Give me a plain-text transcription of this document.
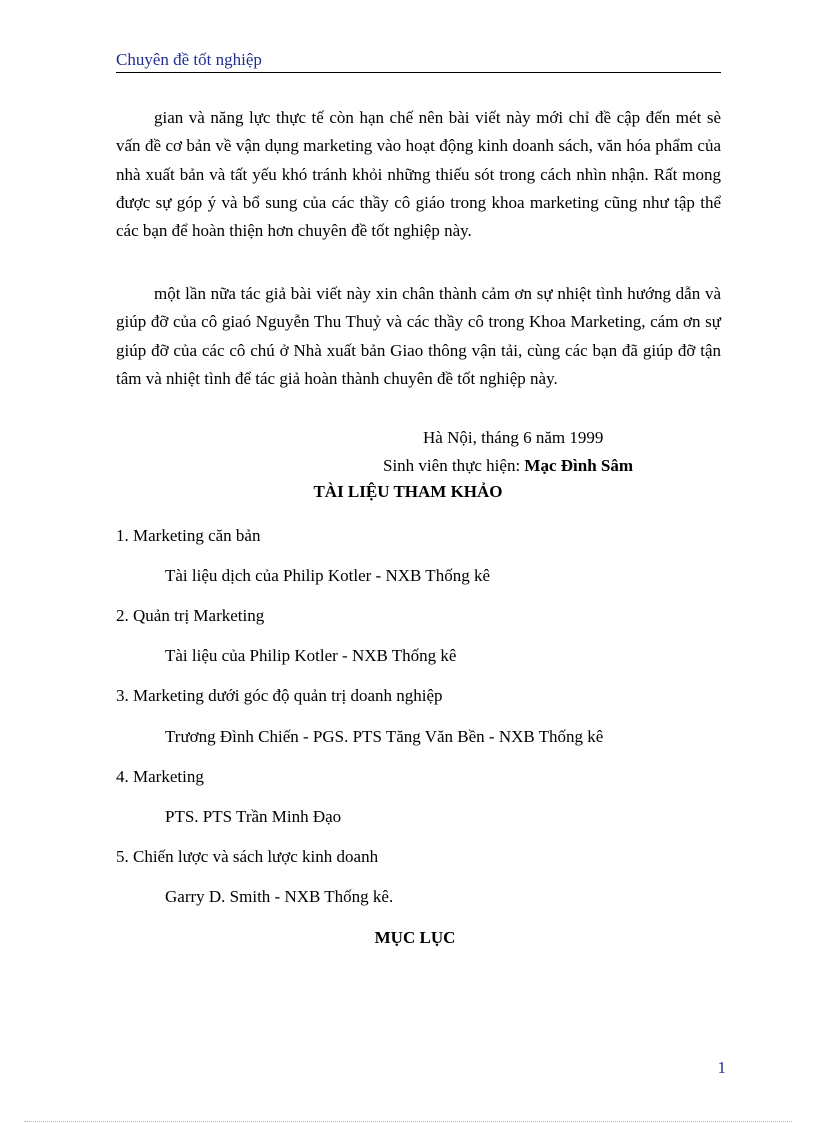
Chuyên đề tốt nghiệp

gian và năng lực thực tế còn hạn chế nên bài viết này mới chỉ đề cập đến mét sè vấn đề cơ bản về vận dụng marketing vào hoạt động kinh doanh sách, văn hóa phẩm của nhà xuất bản và tất yếu khó tránh khỏi những thiếu sót trong cách nhìn nhận. Rất mong được sự góp ý và bổ sung của các thầy cô giáo trong khoa marketing cũng như tập thể các bạn để hoàn thiện hơn chuyên đề tốt nghiệp này.

một lần nữa tác giả bài viết này xin chân thành cảm ơn sự nhiệt tình hướng dẫn và giúp đỡ của cô giaó Nguyễn Thu Thuỷ và các thầy cô trong Khoa Marketing, cám ơn sự giúp đỡ của các cô chú ở Nhà xuất bản Giao thông vận tải, cùng các bạn đã giúp đỡ tận tâm và nhiệt tình để tác giả hoàn thành chuyên đề tốt nghiệp này.

Hà Nội, tháng 6 năm 1999
Sinh viên thực hiện: Mạc Đình Sâm
TÀI LIỆU THAM KHẢO
1. Marketing căn bản
Tài liệu dịch của Philip Kotler - NXB Thống kê
2. Quản trị Marketing
Tài liệu của Philip Kotler - NXB Thống kê
3. Marketing dưới góc độ quản trị doanh nghiệp
Trương Đình Chiến - PGS. PTS Tăng Văn Bền - NXB Thống kê
4. Marketing
PTS. PTS Trần Minh Đạo
5. Chiến lược và sách lược kinh doanh
Garry D. Smith - NXB Thống kê.
MỤC LỤC
1
